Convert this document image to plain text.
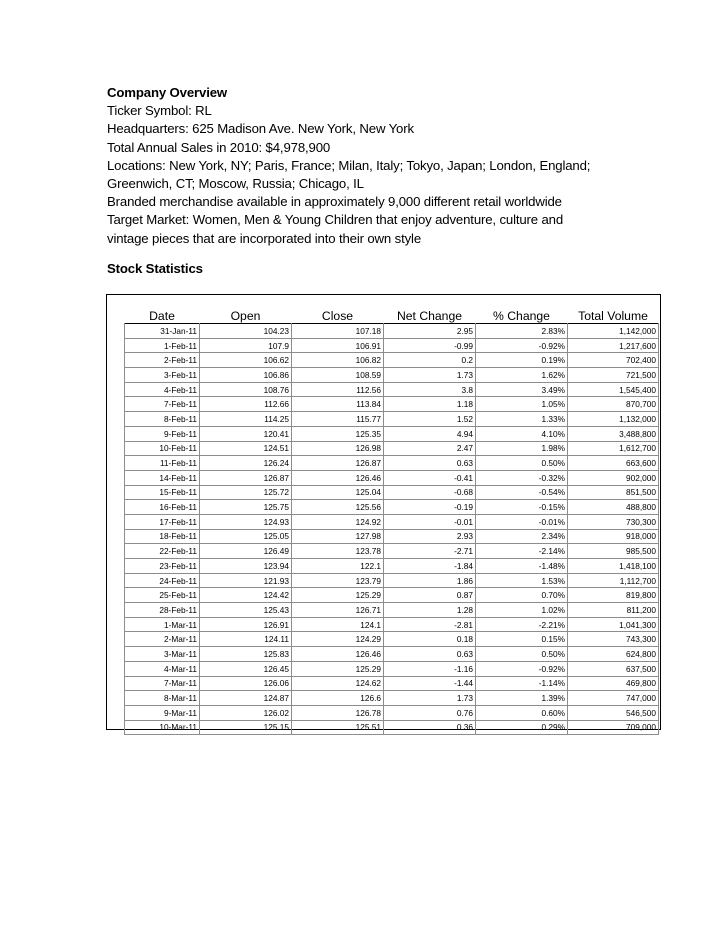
Company Overview
Ticker Symbol: RL
Headquarters: 625 Madison Ave. New York, New York
Total Annual Sales in 2010: $4,978,900
Locations: New York, NY; Paris, France; Milan, Italy; Tokyo, Japan; London, England;
Greenwich, CT; Moscow, Russia; Chicago, IL
Branded merchandise available in approximately 9,000 different retail worldwide
Target Market: Women, Men & Young Children that enjoy adventure, culture and
vintage pieces that are incorporated into their own style
Stock Statistics
Date	Open	Close	Net Change	% Change	Total Volume
31-Jan-11	104.23	107.18	2.95	2.83%	1,142,000
1-Feb-11	107.9	106.91	-0.99	-0.92%	1,217,600
2-Feb-11	106.62	106.82	0.2	0.19%	702,400
3-Feb-11	106.86	108.59	1.73	1.62%	721,500
4-Feb-11	108.76	112.56	3.8	3.49%	1,545,400
7-Feb-11	112.66	113.84	1.18	1.05%	870,700
8-Feb-11	114.25	115.77	1.52	1.33%	1,132,000
9-Feb-11	120.41	125.35	4.94	4.10%	3,488,800
10-Feb-11	124.51	126.98	2.47	1.98%	1,612,700
11-Feb-11	126.24	126.87	0.63	0.50%	663,600
14-Feb-11	126.87	126.46	-0.41	-0.32%	902,000
15-Feb-11	125.72	125.04	-0.68	-0.54%	851,500
16-Feb-11	125.75	125.56	-0.19	-0.15%	488,800
17-Feb-11	124.93	124.92	-0.01	-0.01%	730,300
18-Feb-11	125.05	127.98	2.93	2.34%	918,000
22-Feb-11	126.49	123.78	-2.71	-2.14%	985,500
23-Feb-11	123.94	122.1	-1.84	-1.48%	1,418,100
24-Feb-11	121.93	123.79	1.86	1.53%	1,112,700
25-Feb-11	124.42	125.29	0.87	0.70%	819,800
28-Feb-11	125.43	126.71	1.28	1.02%	811,200
1-Mar-11	126.91	124.1	-2.81	-2.21%	1,041,300
2-Mar-11	124.11	124.29	0.18	0.15%	743,300
3-Mar-11	125.83	126.46	0.63	0.50%	624,800
4-Mar-11	126.45	125.29	-1.16	-0.92%	637,500
7-Mar-11	126.06	124.62	-1.44	-1.14%	469,800
8-Mar-11	124.87	126.6	1.73	1.39%	747,000
9-Mar-11	126.02	126.78	0.76	0.60%	546,500
10-Mar-11	125.15	125.51	0.36	0.29%	709,000
